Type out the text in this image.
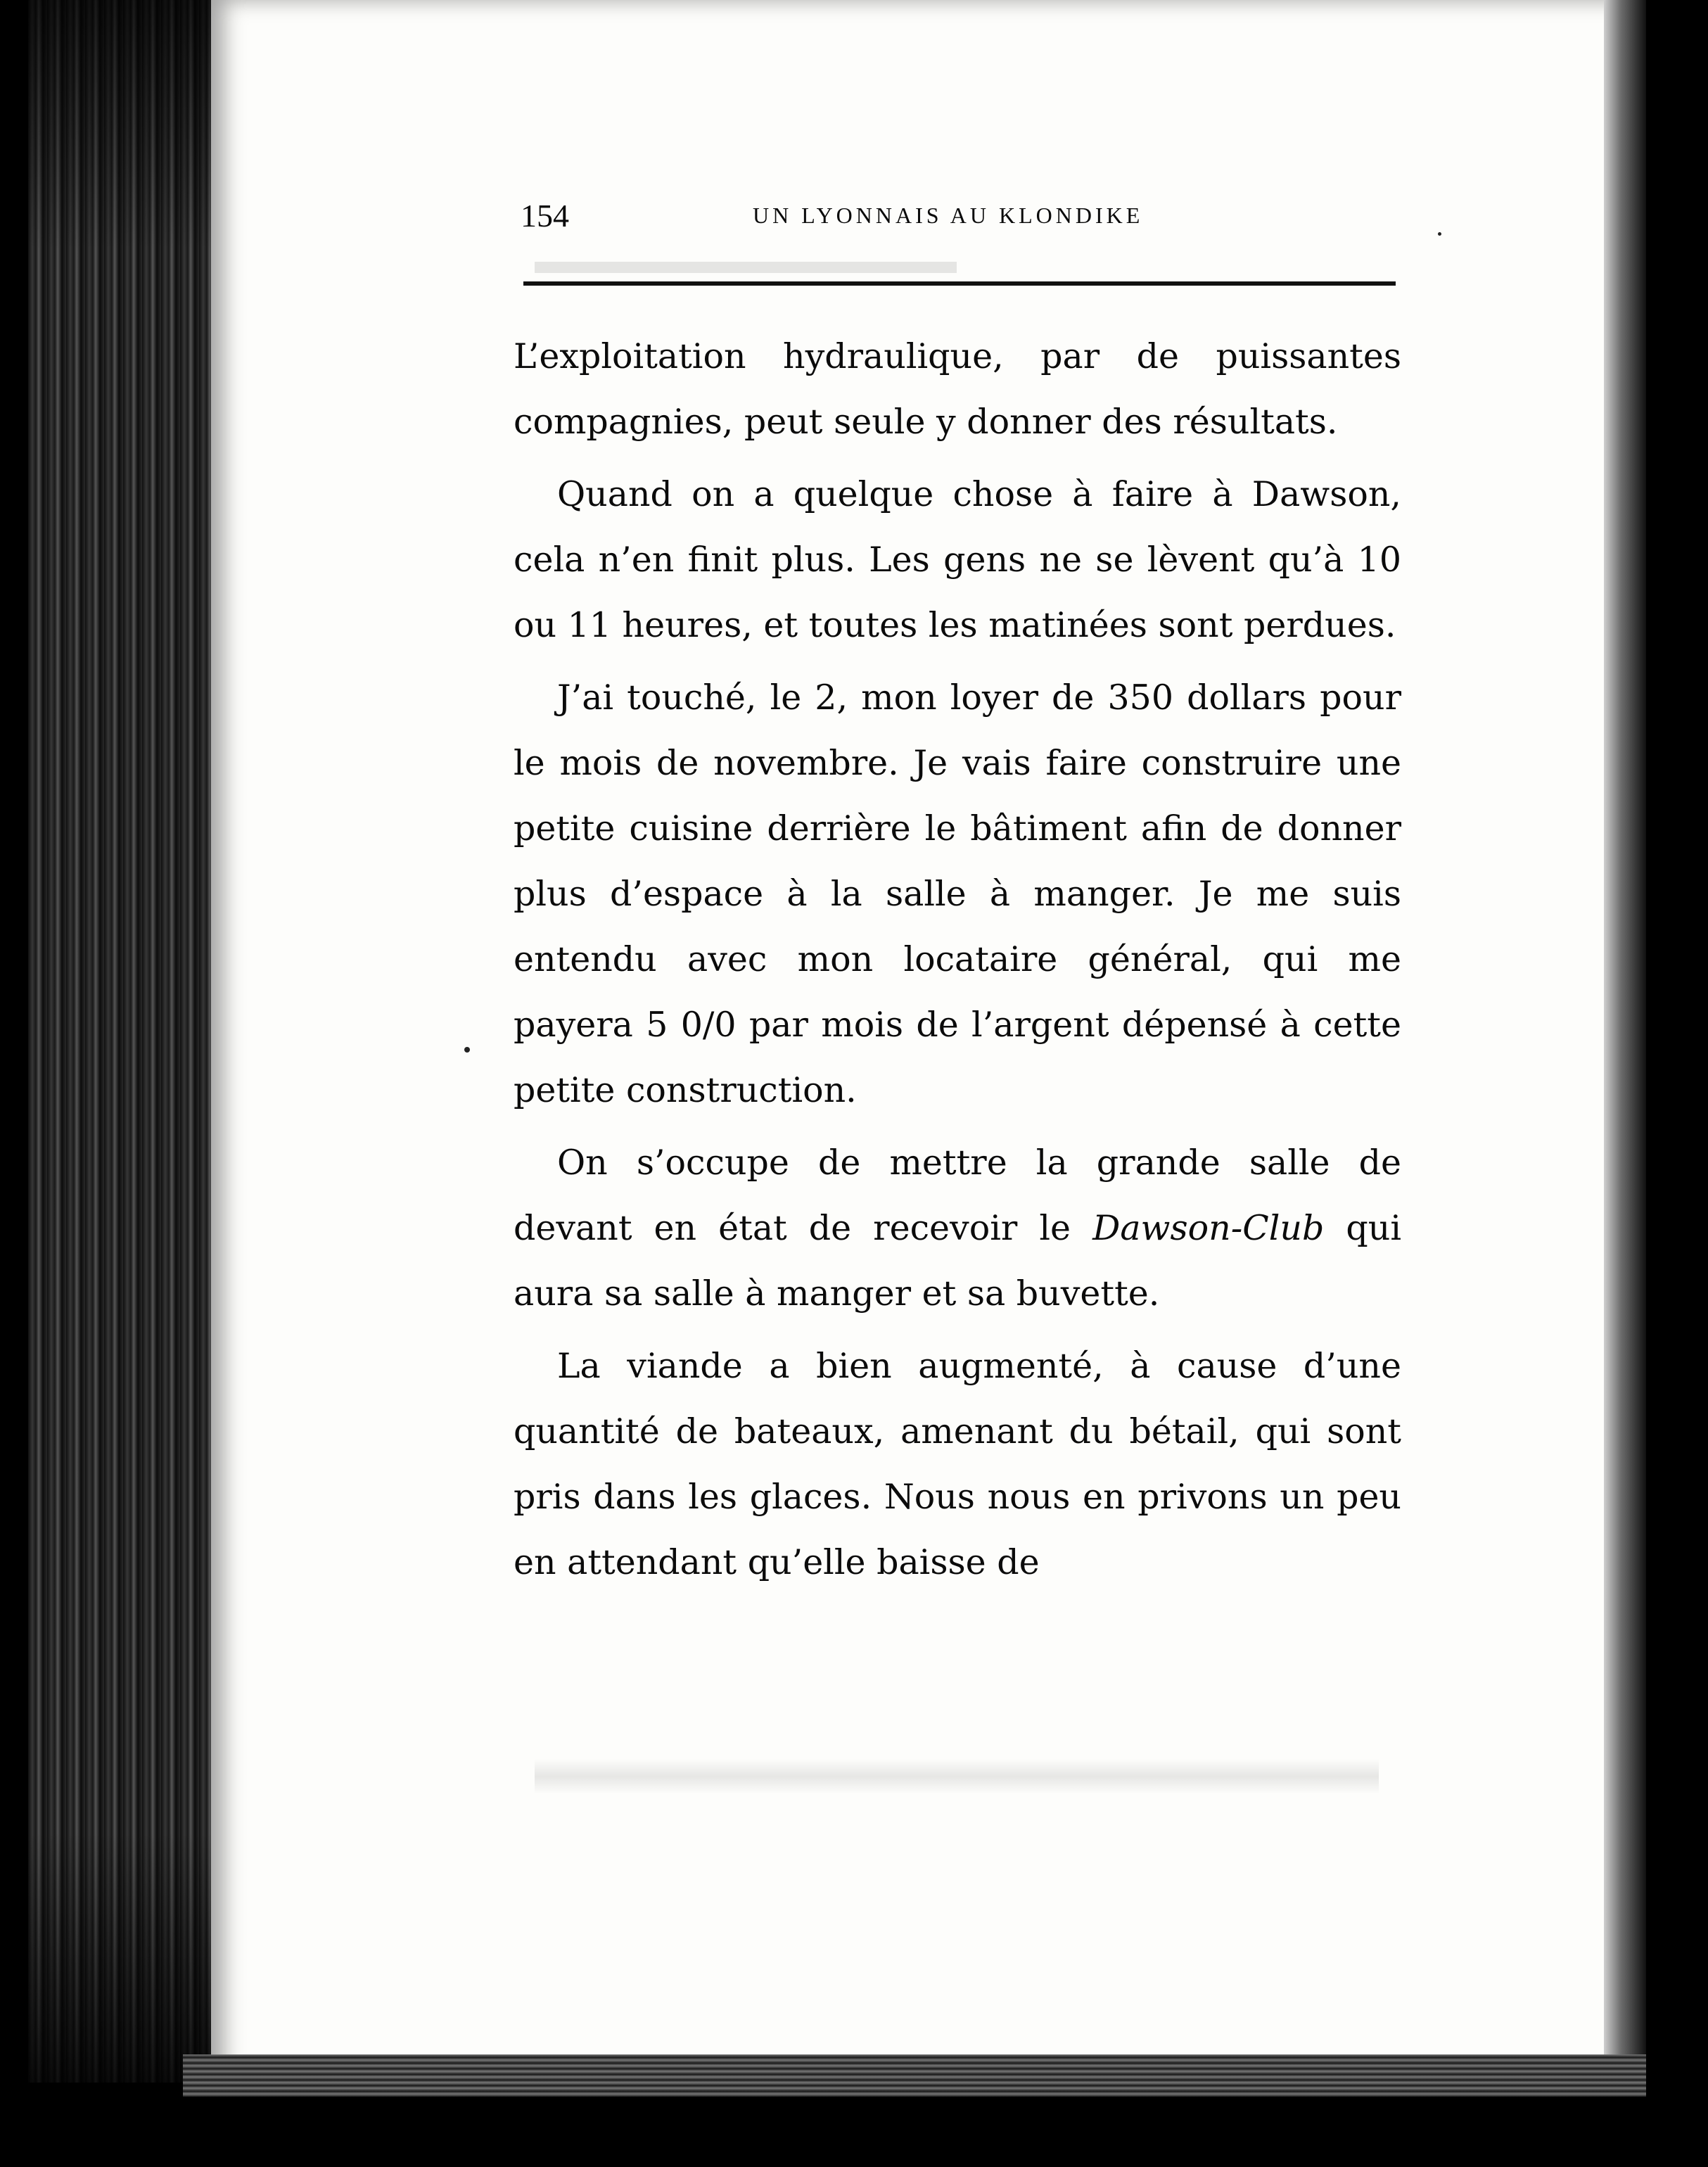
154	UN LYONNAIS AU KLONDIKE

L’exploitation hydraulique, par de puissantes compagnies, peut seule y donner des résultats.

Quand on a quelque chose à faire à Dawson, cela n’en finit plus. Les gens ne se lèvent qu’à 10 ou 11 heures, et toutes les matinées sont perdues.

J’ai touché, le 2, mon loyer de 350 dollars pour le mois de novembre. Je vais faire construire une petite cuisine derrière le bâtiment afin de donner plus d’espace à la salle à manger. Je me suis entendu avec mon locataire général, qui me payera 5 0/0 par mois de l’argent dépensé à cette petite construction.

On s’occupe de mettre la grande salle de devant en état de recevoir le Dawson-Club qui aura sa salle à manger et sa buvette.

La viande a bien augmenté, à cause d’une quantité de bateaux, amenant du bétail, qui sont pris dans les glaces. Nous nous en privons un peu en attendant qu’elle baisse de
